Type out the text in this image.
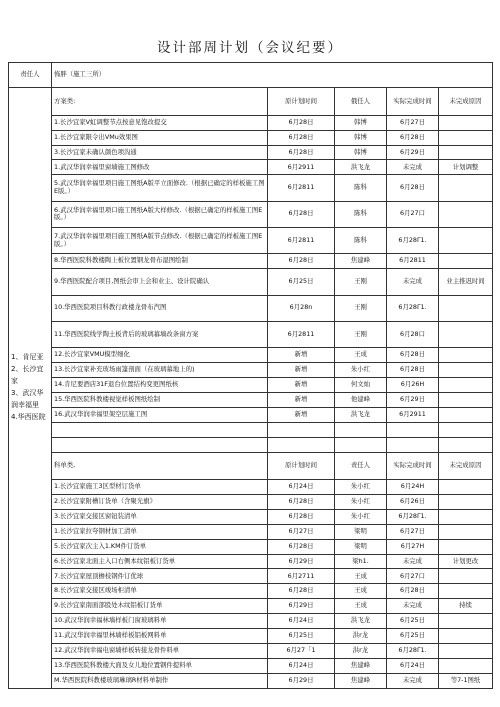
设计部周计划（会议纪要）
责任人	怖胖（施工三所）				
1、肯尼亚
2、长沙宜家
3、武汉华润幸福里
4.华西医院	方案类:	原计划时间	俄任人	实际完成时间	未完成原因
	1.长沙宜家V虹调整节点按意见饱改提交	6月28日	韩博	6月27日	
	1.长沙宜家限令出VMu效果图	6月28日	韩博	6月28日	
	3.长沙宜家未确认颜色项沟通	6月28日	韩博	6月29日	
	1.武汉华润幸福里窗墙施工图修改	6月2911	洪飞龙	未完成	计划调整
	5.武汉华润幸福里项目施工图纸A版平立面修改.（根据已确定的样板施工图E版。）	6月2811	陈科	6月28日	
	6.武汉华润幸福里项口施工图纸A版大样修改.（根据已确定的样板施工图E版。）	6月28日	陈科	6月27口	
	7.武汉华润幸福里项目施工图纸A版节点修改.（根据已确定的样板施工图E版。）	6月2811	陈科	6月28Γ1.	
	8.华西医院科教楼陶上板位置钢龙骨布湿图绘制	6月28日	焦建峰	6月2811	
	9.华西医院配合项目,图纸会审上会和业主、设计院确认	6月25日	王刚	未完成	业主推迟时间
	10.华西医院项目科教行政楼龙骨布汽图	6月28n	王刚	6月28Γ1.	
	11.华西医院线学陶土板背后的玻璃幕墙改条窗方案	6月2811	王刚	6月28口	
	12.长沙宜家VMU模型细化	新增	王成	6月28日	
	13.长沙宜家补充玻场雨篷剖面（在玻璃幕地上的)	新增	朱小红	6月28日	
	14.肯尼要酒店31F退台位置结构变更图纸核	新增	何文灿	6月26H	
	15.华西医院科教楼视觉样板图纸绘制	新增	他建峰	6月29日	
	16.武汉华润幸福里架空层施工图	新增	洪飞龙	6月2911	

	科单类,	原计划时间	责任人	实际完成时间	未完成原因
	1.长沙宜家施工3区型材订货单	6月24日	朱小红	6月24H	
	2.长沙宜家附槽订货单（含聚光旗》	6月28日	朱小红	6月26日	
	3.长沙宜家交接区窗钮装清单	6月28日	朱小红	6月28Γ1.	
	1.长沙宜家拉夸钢材加工清单	6月27日	梁明	6月27日	
	5.长沙宜家次主入1.KM件订货单	6月28日	梁明	6月27H	
	6.长沙宜家北面主入口右侧本纹铝板订货单	6月29日	梁h1.	未完成	计划更改
	7.长沙宜家屋顶檐枝钢件订优球	6月2711	王成	6月27口	
	8.长沙宜家交接区竣场柜清单	6月28日	王成	6月28日	
	9.长沙宜家南面部股处木纹铝板订货单	6月29日	王成	未完成	持续
	10.武汉华润幸福林墙样板门窗玻璃料单	6月24日	洪飞龙	6月25日	
	11.武汉华润幸福里林墙样板铝板网料单	6月25日	洪r龙	6月25日	
	12.武汉华润幸福电窗墙样板转接龙骨件料单	6月27「1	洪r龙	6月28Γ1.	
	13.华西医院科教楼大面及女儿地位置钢件提料单	6月24日	焦建峰	6月24日	
	M.华西医院科教楼玻璃琳璃R材料单制作	6月29日	焦建峰	未完成	等7-1图纸
